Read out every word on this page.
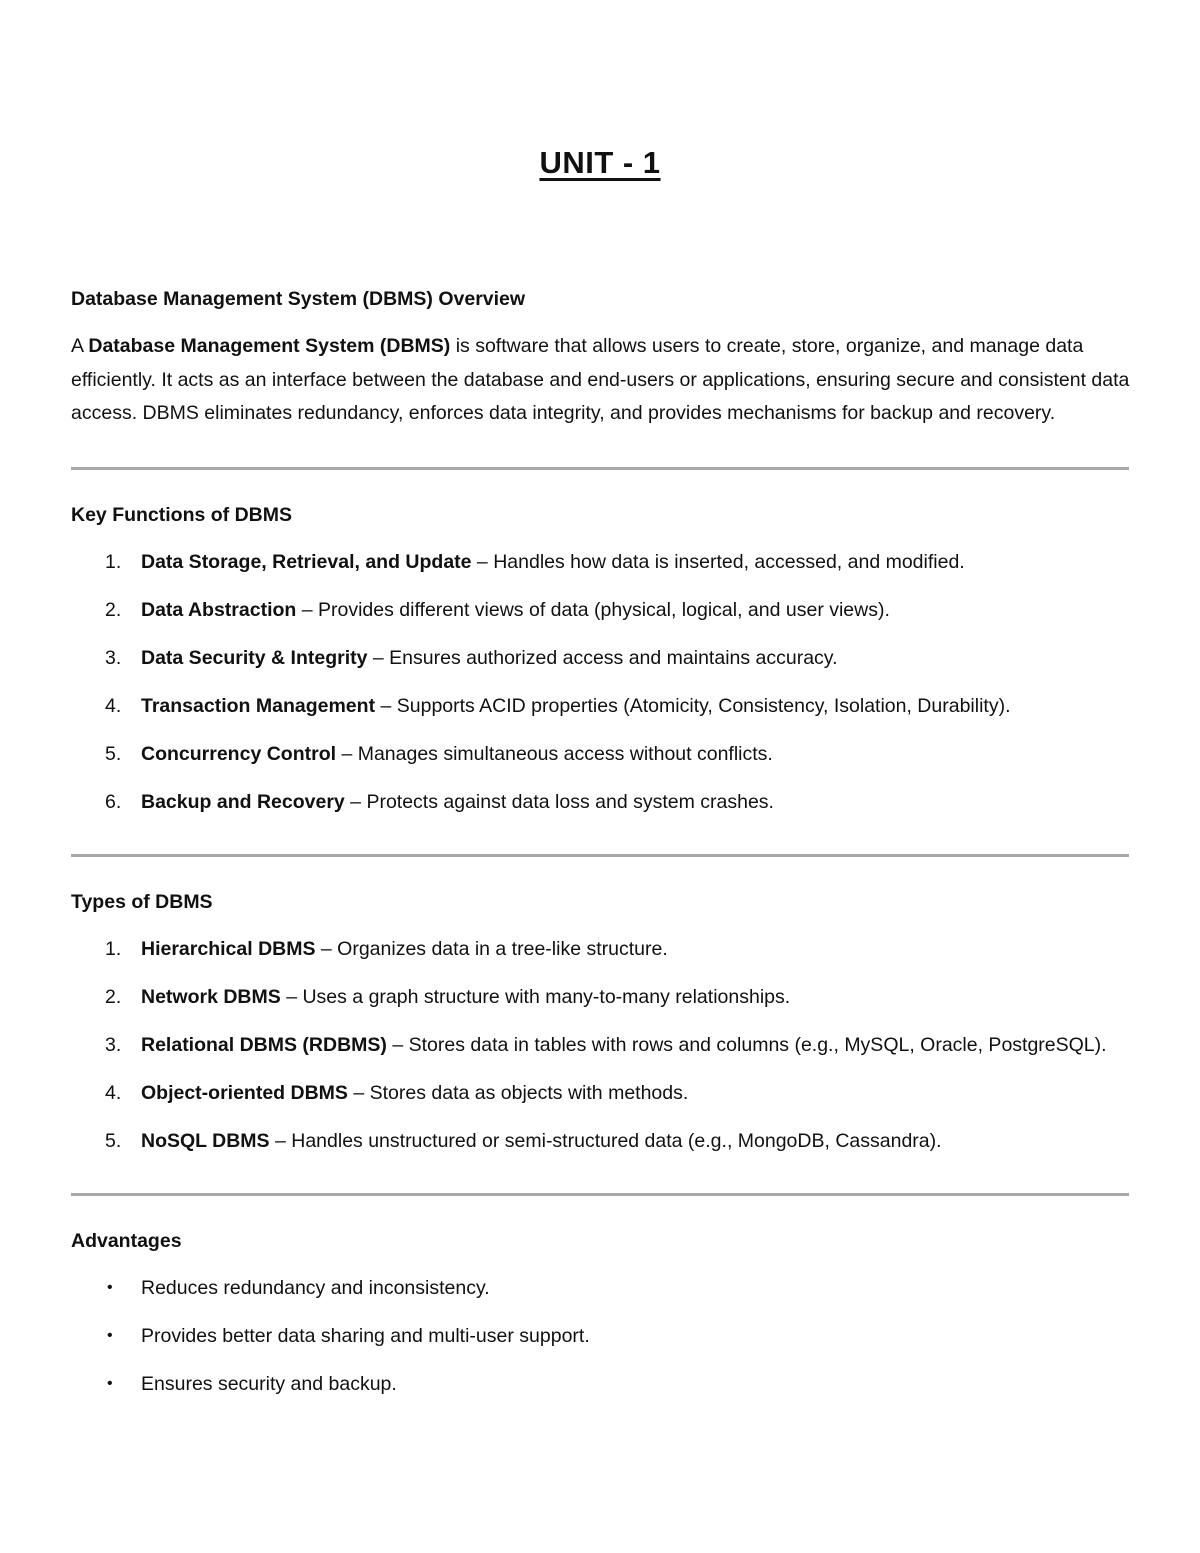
UNIT - 1
Database Management System (DBMS) Overview

A Database Management System (DBMS) is software that allows users to create, store, organize, and manage data efficiently. It acts as an interface between the database and end-users or applications, ensuring secure and consistent data access. DBMS eliminates redundancy, enforces data integrity, and provides mechanisms for backup and recovery.

Key Functions of DBMS
1.	Data Storage, Retrieval, and Update – Handles how data is inserted, accessed, and modified.
2.	Data Abstraction – Provides different views of data (physical, logical, and user views).
3.	Data Security & Integrity – Ensures authorized access and maintains accuracy.
4.	Transaction Management – Supports ACID properties (Atomicity, Consistency, Isolation, Durability).
5.	Concurrency Control – Manages simultaneous access without conflicts.
6.	Backup and Recovery – Protects against data loss and system crashes.
Types of DBMS
1.	Hierarchical DBMS – Organizes data in a tree-like structure.
2.	Network DBMS – Uses a graph structure with many-to-many relationships.
3.	Relational DBMS (RDBMS) – Stores data in tables with rows and columns (e.g., MySQL, Oracle, PostgreSQL).
4.	Object-oriented DBMS – Stores data as objects with methods.
5.	NoSQL DBMS – Handles unstructured or semi-structured data (e.g., MongoDB, Cassandra).
Advantages
• Reduces redundancy and inconsistency.
• Provides better data sharing and multi-user support.
• Ensures security and backup.
